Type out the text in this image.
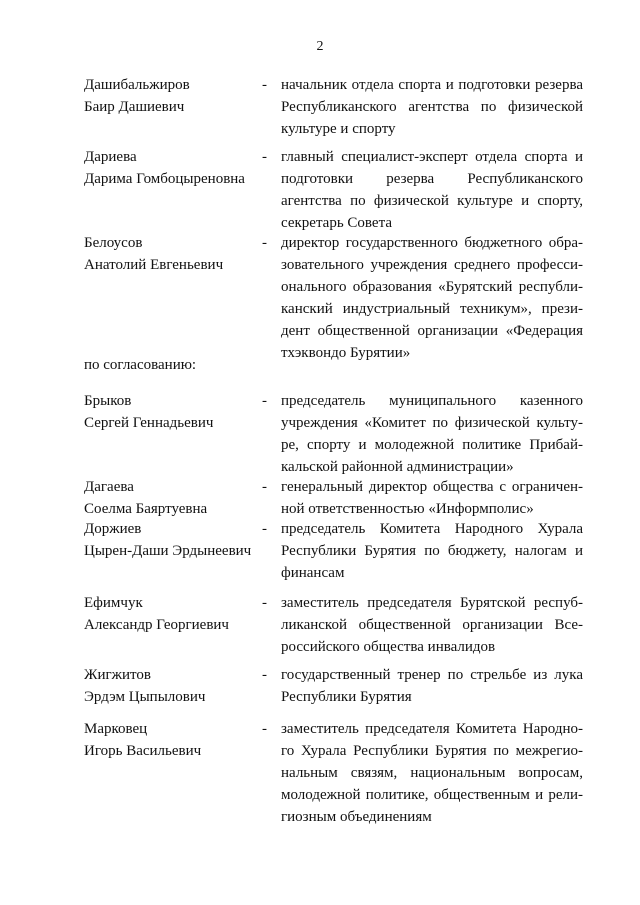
2
Дашибальжиров
Баир Дашиевич
- начальник отдела спорта и подготовки резерва
Республиканского агентства по физической
культуре и спорту
Дариева
Дарима Гомбоцыреновна
- главный специалист-эксперт отдела спорта и
подготовки резерва Республиканского
агентства по физической культуре и спорту,
секретарь Совета
Белоусов
Анатолий Евгеньевич
- директор государственного бюджетного обра-
зовательного учреждения среднего професси-
онального образования «Бурятский республи-
канский индустриальный техникум», прези-
дент общественной организации «Федерация
тхэквондо Бурятии»
по согласованию:
Брыков
Сергей Геннадьевич
- председатель муниципального казенного
учреждения «Комитет по физической культу-
ре, спорту и молодежной политике Прибай-
кальской районной администрации»
Дагаева
Соелма Баяртуевна
- генеральный директор общества с ограничен-
ной ответственностью «Информполис»
Доржиев
Цырен-Даши Эрдынеевич
- председатель Комитета Народного Хурала
Республики Бурятия по бюджету, налогам и
финансам
Ефимчук
Александр Георгиевич
- заместитель председателя Бурятской респуб-
ликанской общественной организации Все-
российского общества инвалидов
Жигжитов
Эрдэм Цыпылович
- государственный тренер по стрельбе из лука
Республики Бурятия
Марковец
Игорь Васильевич
- заместитель председателя Комитета Народно-
го Хурала Республики Бурятия по межрегио-
нальным связям, национальным вопросам,
молодежной политике, общественным и рели-
гиозным объединениям
